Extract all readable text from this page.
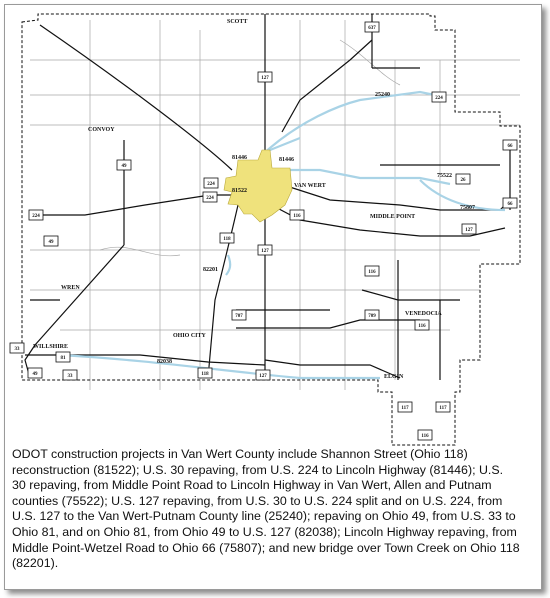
SCOTT
CONVOY
VAN WERT
MIDDLE POINT
WREN
OHIO CITY
VENEDOCIA
WILLSHIRE
ELGIN
25240
81446	81446
81522
75522
75807
82201
82038
127
637
224
49
224
116
66
26
66
127
224
224
49
118
127
116
707	709
116
33
81
49	33	118	127
117	117
116

ODOT construction projects in Van Wert County include Shannon Street (Ohio 118) reconstruction (81522); U.S. 30 repaving, from U.S. 224 to Lincoln Highway (81446); U.S. 30 repaving, from Middle Point Road to Lincoln Highway in Van Wert, Allen and Putnam counties (75522); U.S. 127 repaving, from U.S. 30 to U.S. 224 split and on U.S. 224, from U.S. 127 to the Van Wert-Putnam County line (25240); repaving on Ohio 49, from U.S. 33 to Ohio 81, and on Ohio 81, from Ohio 49 to U.S. 127 (82038); Lincoln Highway repaving, from Middle Point-Wetzel Road to Ohio 66 (75807); and new bridge over Town Creek on Ohio 118 (82201).
